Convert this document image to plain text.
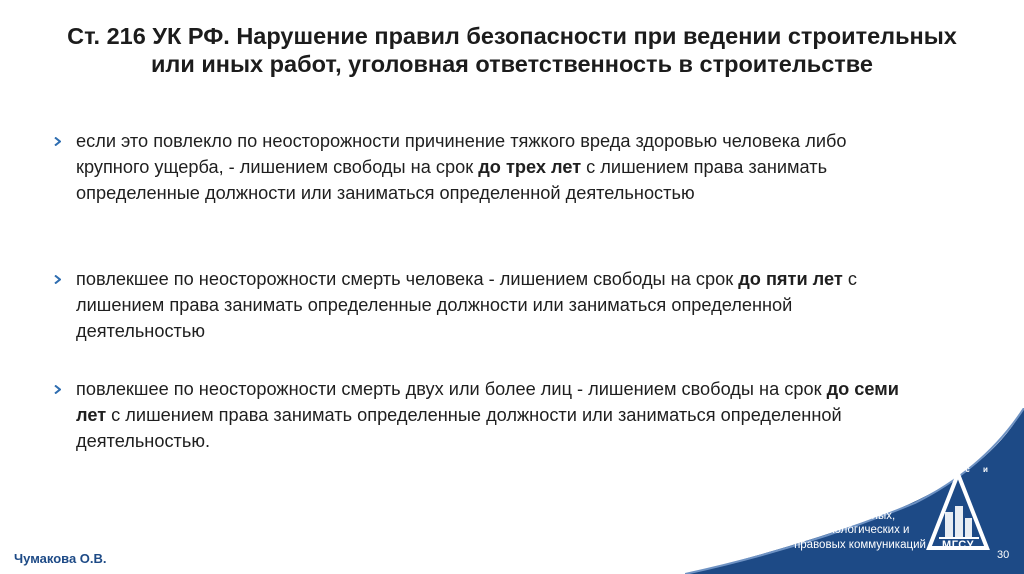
Ст. 216 УК РФ. Нарушение правил безопасности при ведении строительных
или иных работ, уголовная ответственность в строительстве
если это повлекло по неосторожности причинение тяжкого вреда здоровью человека либо крупного ущерба, - лишением свободы на срок до трех лет с лишением права занимать определенные должности или заниматься определенной деятельностью
повлекшее по неосторожности смерть человека - лишением свободы на срок до пяти лет с лишением права занимать определенные должности или заниматься определенной деятельностью
повлекшее по неосторожности смерть двух или более лиц - лишением свободы на срок до семи лет с лишением права занимать определенные должности или заниматься определенной деятельностью.
Кафедра
Социальных,
психологических и
правовых коммуникаций
м и с и
МГСУ
Чумакова О.В.	30
